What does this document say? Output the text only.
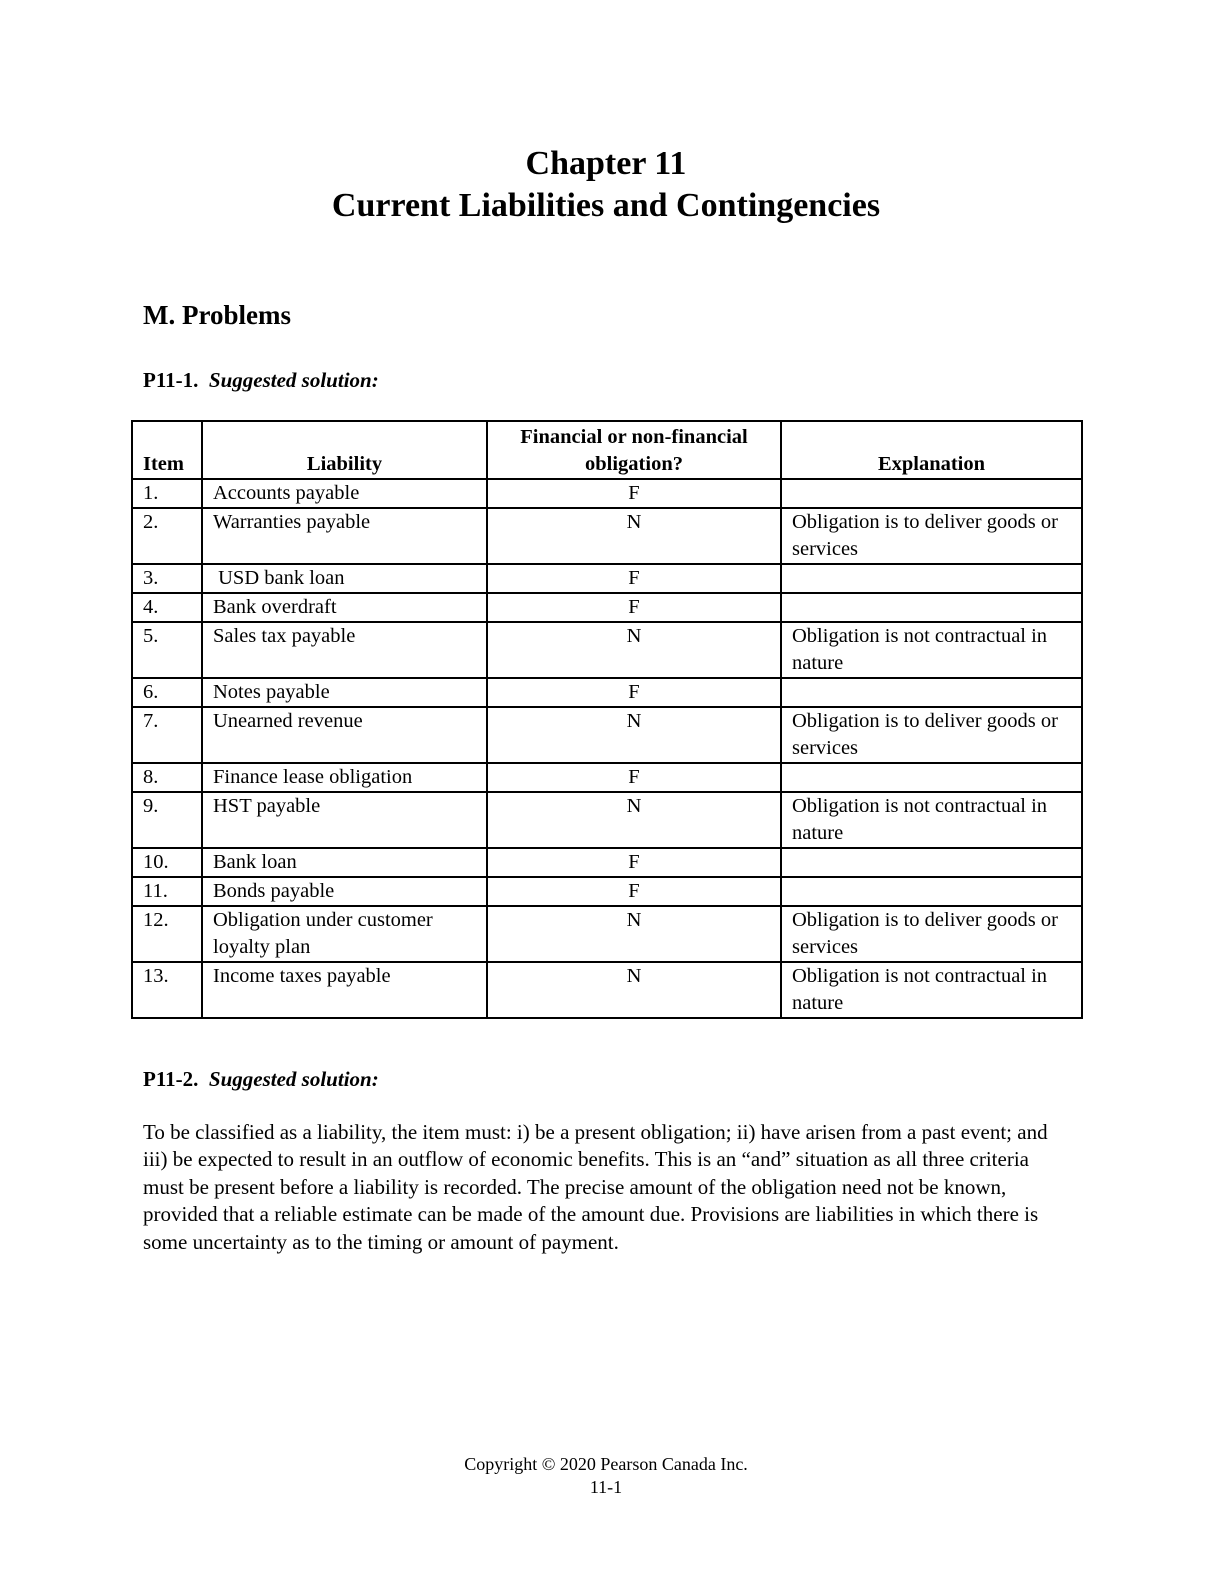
Chapter 11
Current Liabilities and Contingencies
M. Problems
P11-1. Suggested solution:
Item	Liability	Financial or non-financial obligation?	Explanation
1.	Accounts payable	F	
2.	Warranties payable	N	Obligation is to deliver goods or services
3.	USD bank loan	F	
4.	Bank overdraft	F	
5.	Sales tax payable	N	Obligation is not contractual in nature
6.	Notes payable	F	
7.	Unearned revenue	N	Obligation is to deliver goods or services
8.	Finance lease obligation	F	
9.	HST payable	N	Obligation is not contractual in nature
10.	Bank loan	F	
11.	Bonds payable	F	
12.	Obligation under customer loyalty plan	N	Obligation is to deliver goods or services
13.	Income taxes payable	N	Obligation is not contractual in nature
P11-2. Suggested solution:
To be classified as a liability, the item must: i) be a present obligation; ii) have arisen from a past event; and iii) be expected to result in an outflow of economic benefits. This is an “and” situation as all three criteria must be present before a liability is recorded. The precise amount of the obligation need not be known, provided that a reliable estimate can be made of the amount due. Provisions are liabilities in which there is some uncertainty as to the timing or amount of payment.
Copyright © 2020 Pearson Canada Inc.
11-1
